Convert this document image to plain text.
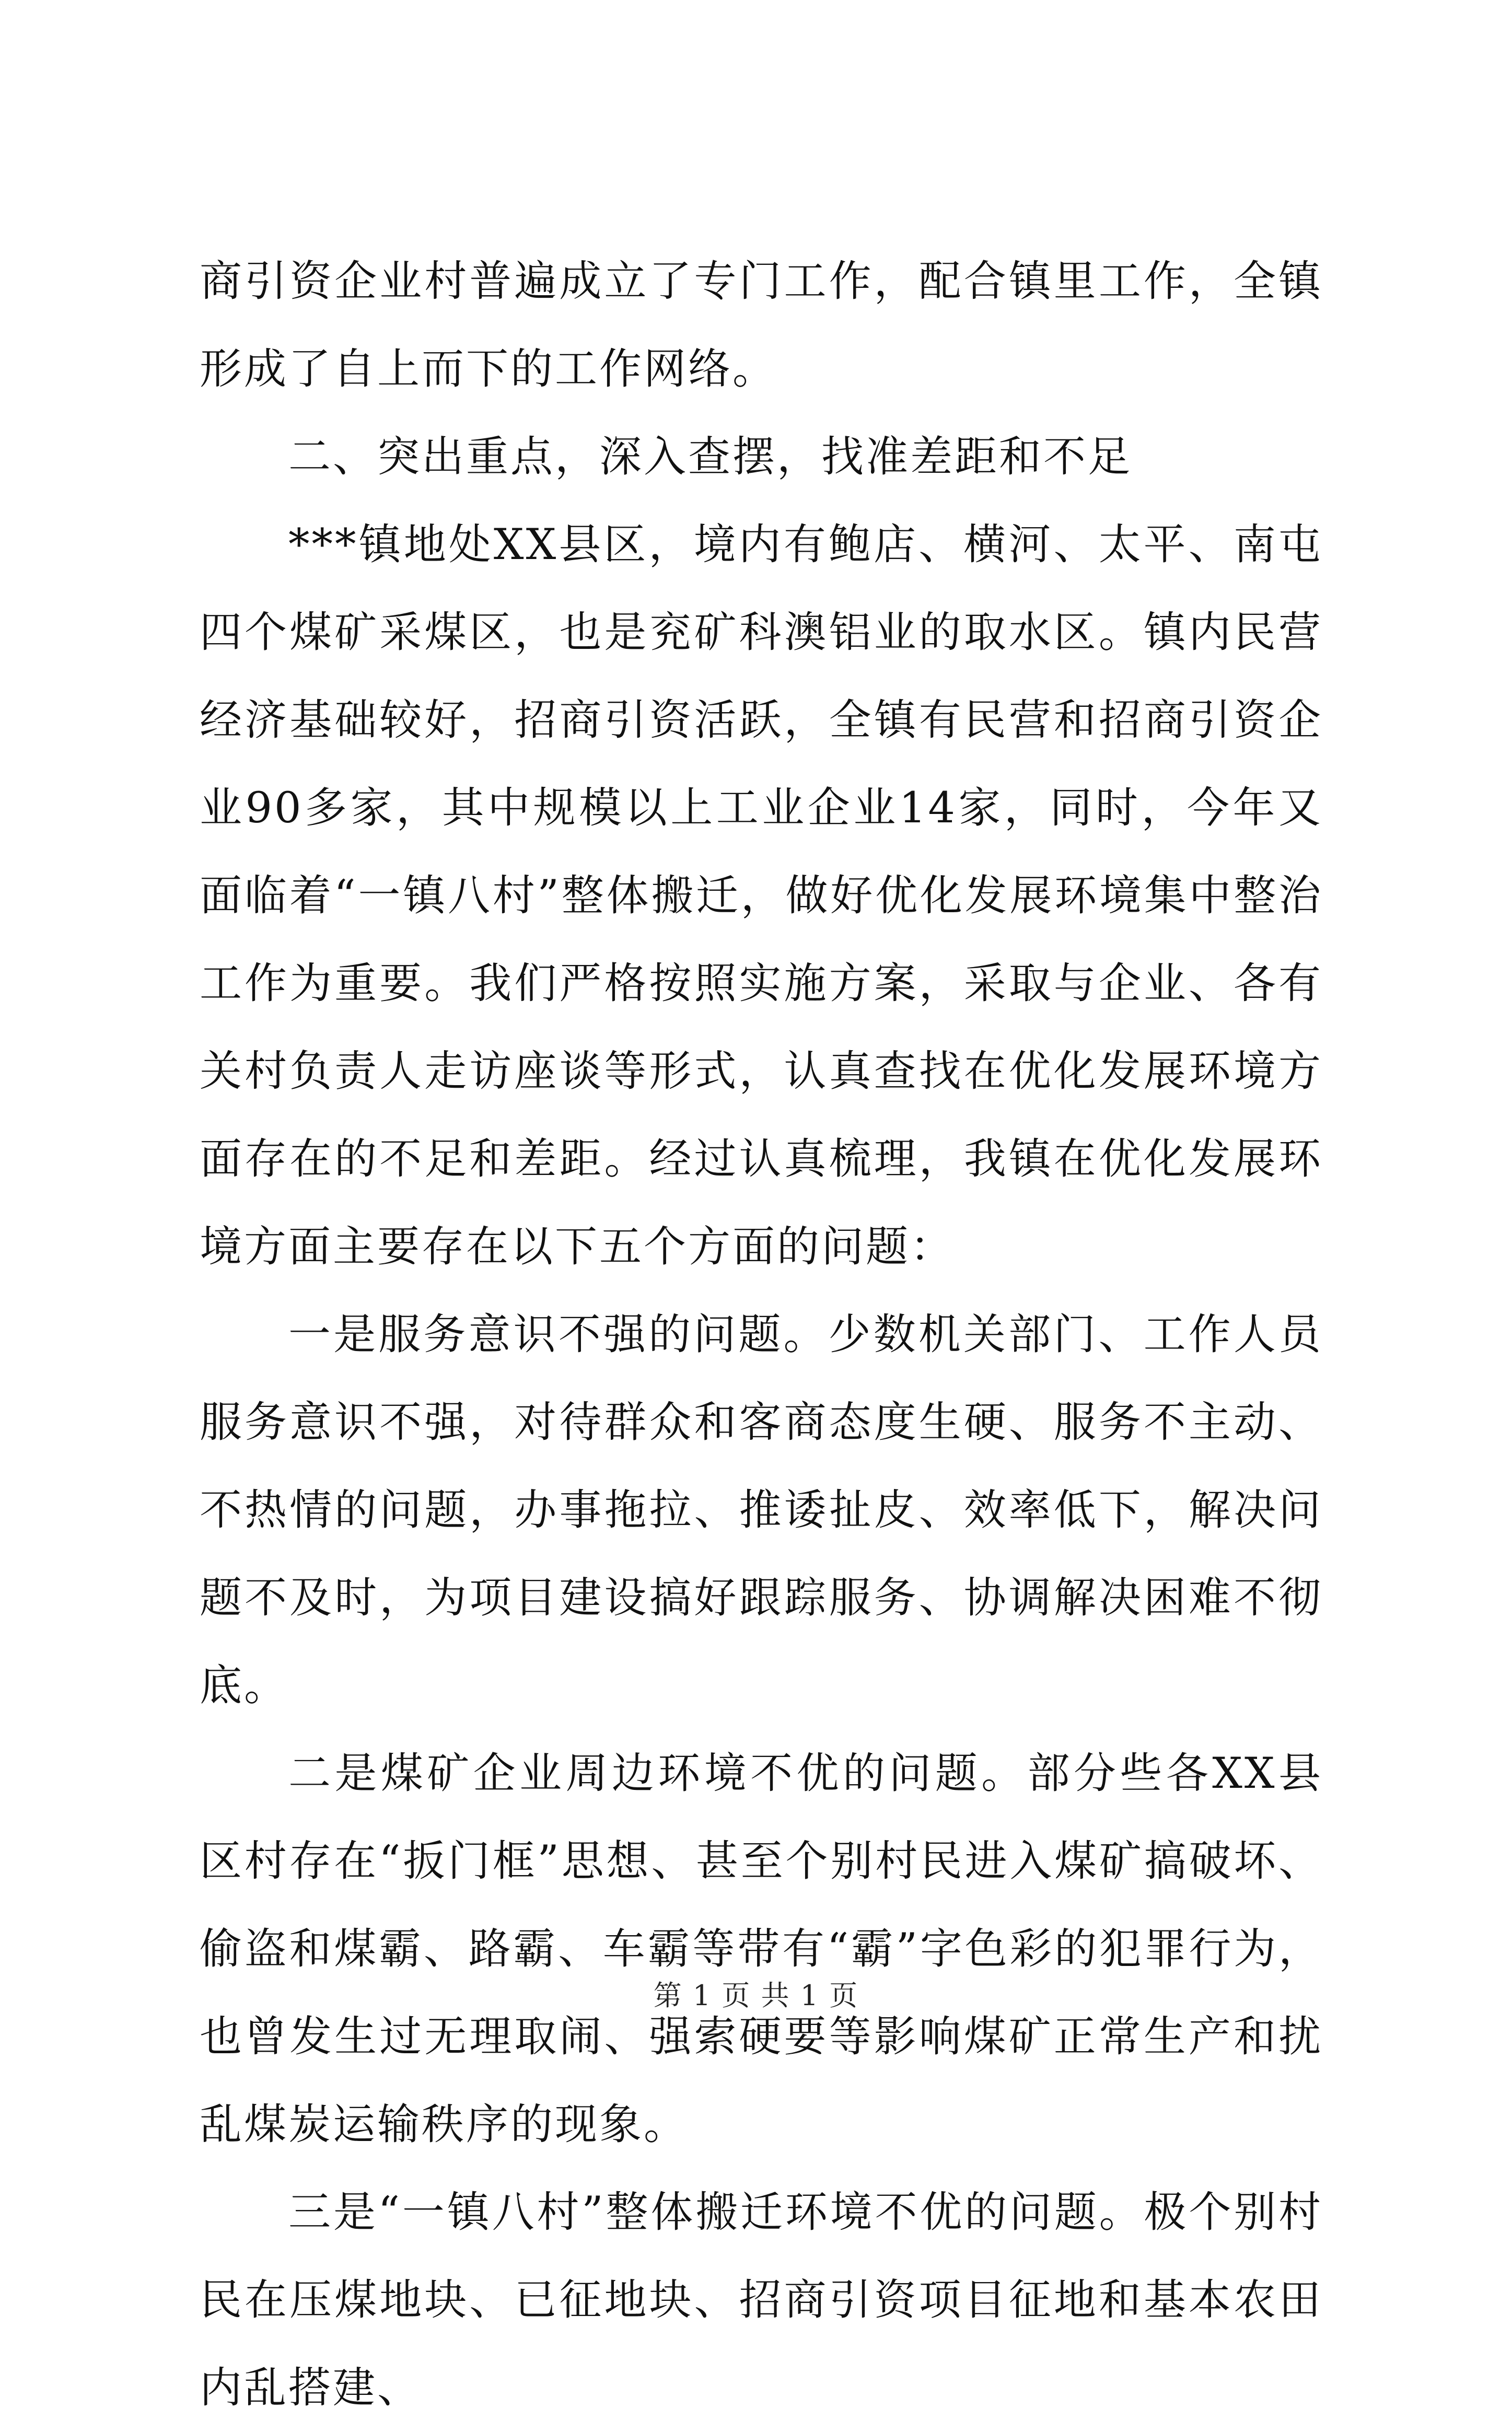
商引资企业村普遍成立了专门工作，配合镇里工作，全镇形成了自上而下的工作网络。

二、突出重点，深入查摆，找准差距和不足

***镇地处XX县区，境内有鲍店、横河、太平、南屯四个煤矿采煤区，也是兖矿科澳铝业的取水区。镇内民营经济基础较好，招商引资活跃，全镇有民营和招商引资企业90多家，其中规模以上工业企业14家，同时，今年又面临着“一镇八村”整体搬迁，做好优化发展环境集中整治工作为重要。我们严格按照实施方案，采取与企业、各有关村负责人走访座谈等形式，认真查找在优化发展环境方面存在的不足和差距。经过认真梳理，我镇在优化发展环境方面主要存在以下五个方面的问题：

一是服务意识不强的问题。少数机关部门、工作人员服务意识不强，对待群众和客商态度生硬、服务不主动、不热情的问题，办事拖拉、推诿扯皮、效率低下，解决问题不及时，为项目建设搞好跟踪服务、协调解决困难不彻底。

二是煤矿企业周边环境不优的问题。部分些各XX县区村存在“扳门框”思想、甚至个别村民进入煤矿搞破坏、偷盗和煤霸、路霸、车霸等带有“霸”字色彩的犯罪行为，也曾发生过无理取闹、强索硬要等影响煤矿正常生产和扰乱煤炭运输秩序的现象。

三是“一镇八村”整体搬迁环境不优的问题。极个别村民在压煤地块、已征地块、招商引资项目征地和基本农田内乱搭建、

第 1 页 共 1 页
